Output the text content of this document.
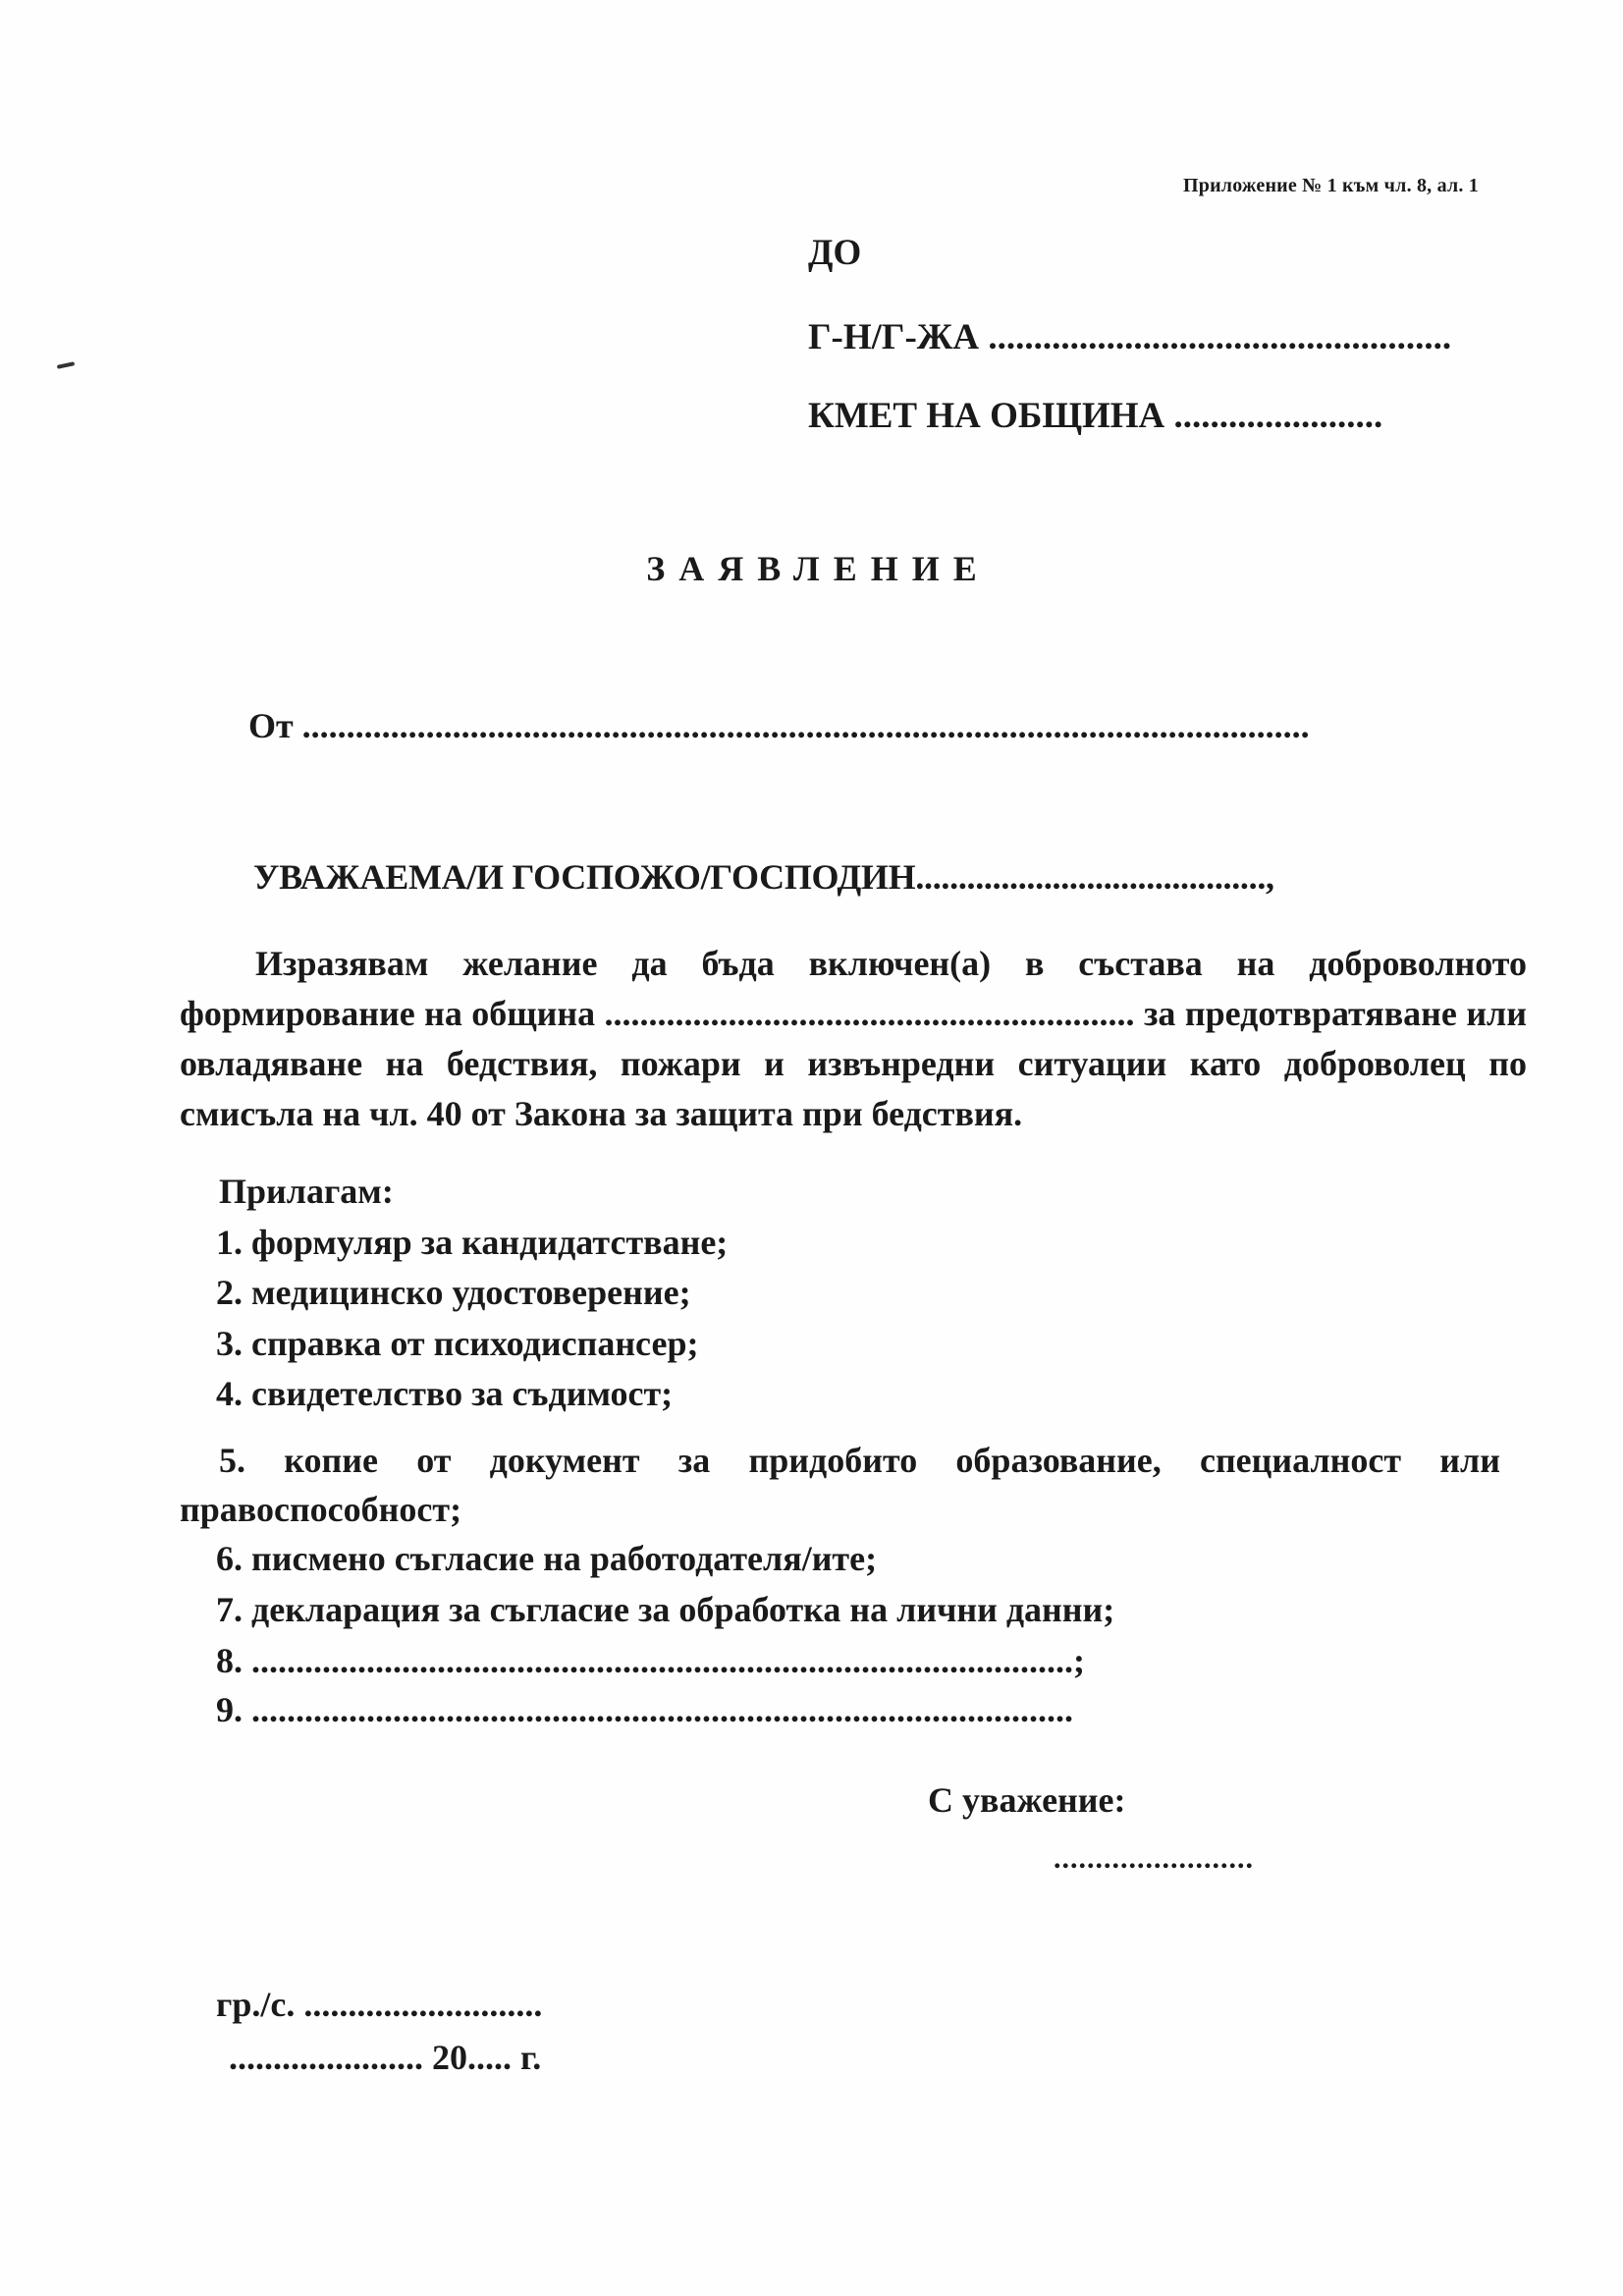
Приложение № 1 към чл. 8, ал. 1
ДО
Г-Н/Г-ЖА ...................................................
КМЕТ НА ОБЩИНА .......................
ЗАЯВЛЕНИЕ
От ..................................................................................................................
УВАЖАЕМА/И ГОСПОЖО/ГОСПОДИН.........................................,
Изразявам желание да бъда включен(а) в състава на доброволното формирование на община ............................................................ за предотвратяване или овладяване на бедствия, пожари и извънредни ситуации като доброволец по смисъла на чл. 40 от Закона за защита при бедствия.
Прилагам:
1. формуляр за кандидатстване;
2. медицинско удостоверение;
3. справка от психодиспансер;
4. свидетелство за съдимост;
5. копие от документ за придобито образование, специалност или
правоспособност;
6. писмено съгласие на работодателя/ите;
7. декларация за съгласие за обработка на лични данни;
8. .............................................................................................;
9. .............................................................................................
С уважение:
........................
гр./с. ...........................
...................... 20..... г.
